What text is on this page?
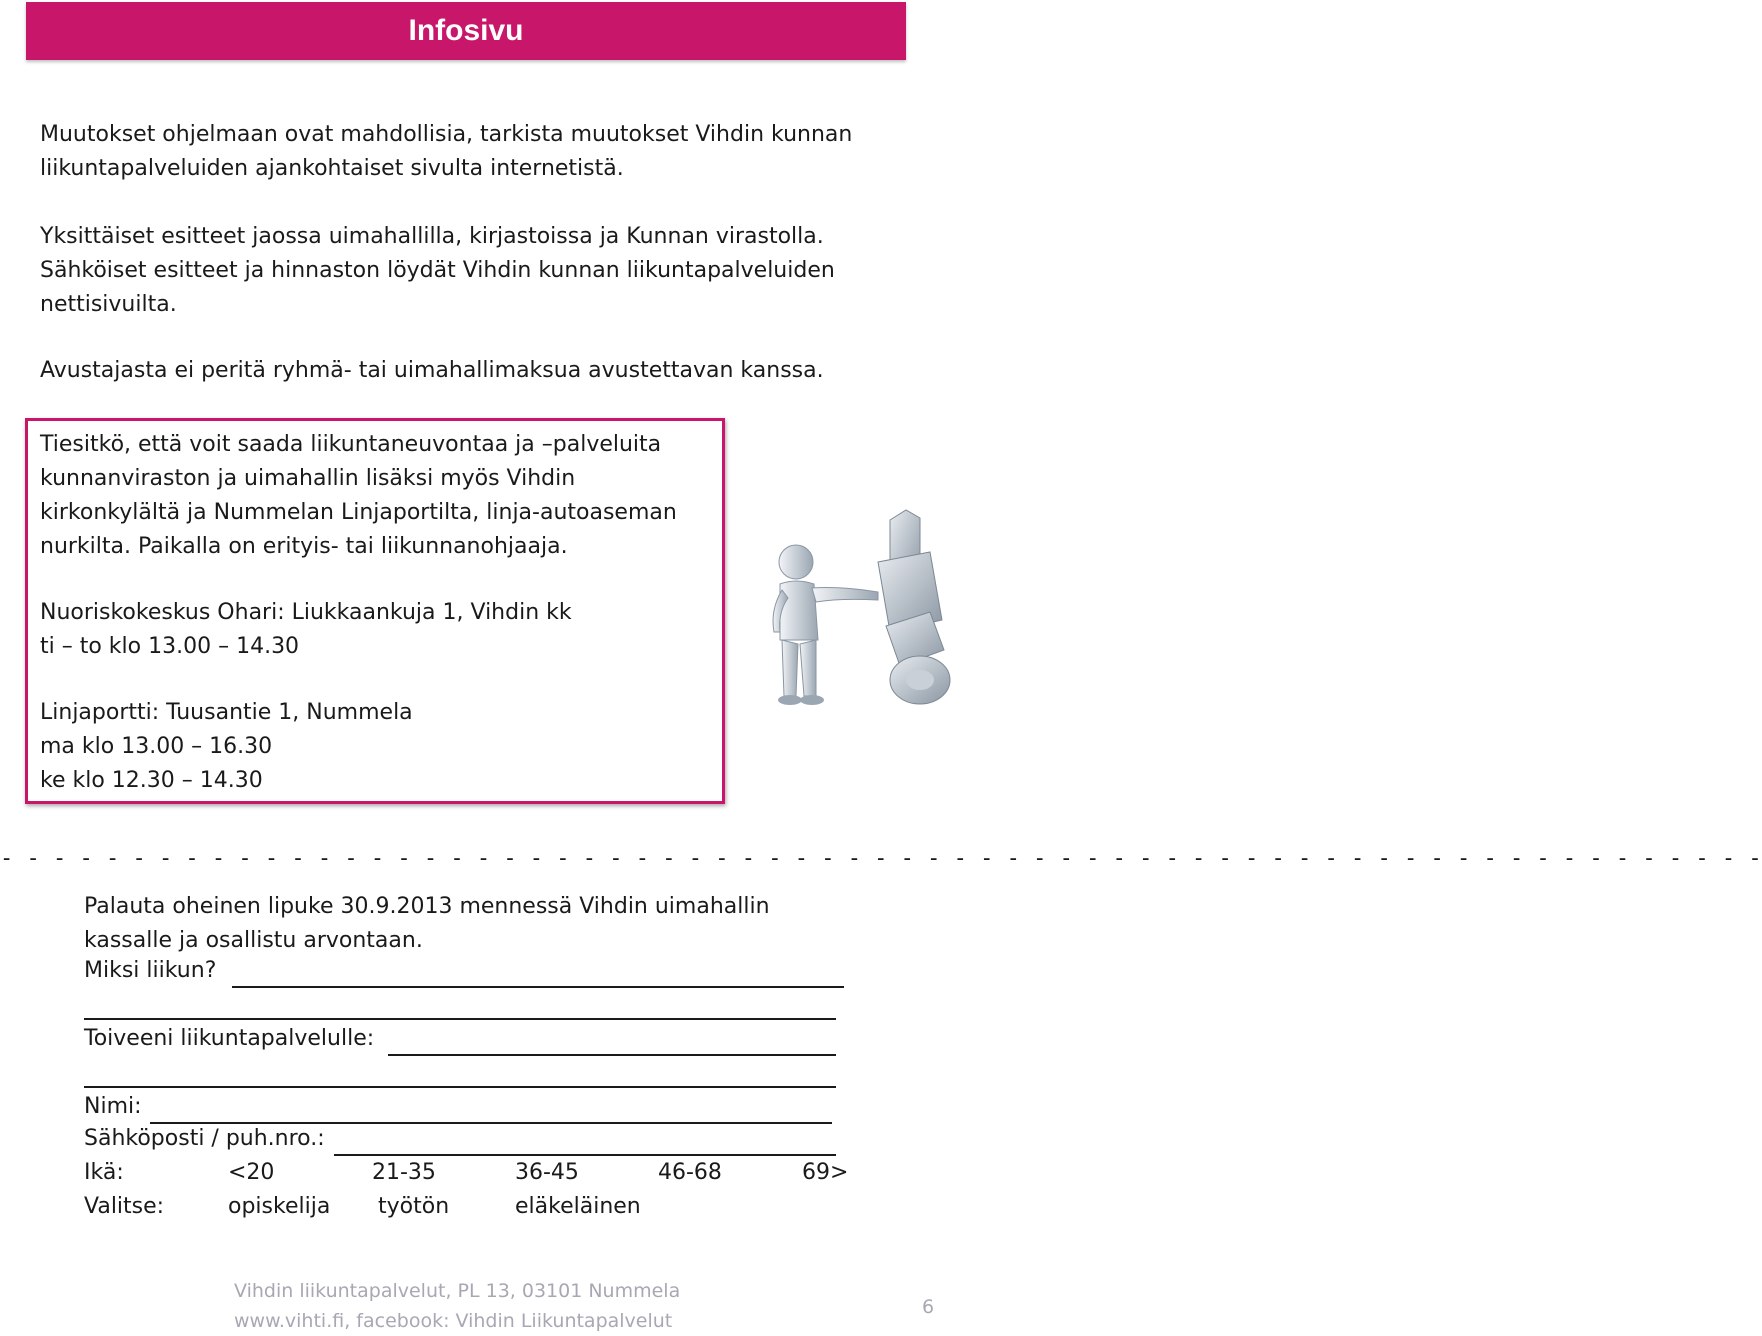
Infosivu
Muutokset ohjelmaan ovat mahdollisia, tarkista muutokset Vihdin kunnan
liikuntapalveluiden ajankohtaiset sivulta internetistä.
Yksittäiset esitteet jaossa uimahallilla, kirjastoissa ja Kunnan virastolla.
Sähköiset esitteet ja hinnaston löydät Vihdin kunnan liikuntapalveluiden
nettisivuilta.
Avustajasta ei peritä ryhmä- tai uimahallimaksua avustettavan kanssa.
Tiesitkö, että voit saada liikuntaneuvontaa ja –palveluita
kunnanviraston ja uimahallin lisäksi myös Vihdin
kirkonkylältä ja Nummelan Linjaportilta, linja-autoaseman
nurkilta. Paikalla on erityis- tai liikunnanohjaaja.
Nuoriskokeskus Ohari: Liukkaankuja 1, Vihdin kk
ti – to klo 13.00 – 14.30
Linjaportti: Tuusantie 1, Nummela
ma klo 13.00 – 16.30
ke klo 12.30 – 14.30
- - - - - - - - - - - - - - - - - - - - - - - - - - - - - - - - - - - - - - - - - - - - - - - - - - - - - - - - - - - - - - - - - - -
Palauta oheinen lipuke 30.9.2013 mennessä Vihdin uimahallin
kassalle ja osallistu arvontaan.
Miksi liikun?
Toiveeni liikuntapalvelulle:
Nimi:
Sähköposti / puh.nro.:
Ikä:	<20	21-35	36-45	46-68	69>
Valitse:	opiskelija työtön	eläkeläinen
Vihdin liikuntapalvelut, PL 13, 03101 Nummela
www.vihti.fi, facebook: Vihdin Liikuntapalvelut
6
